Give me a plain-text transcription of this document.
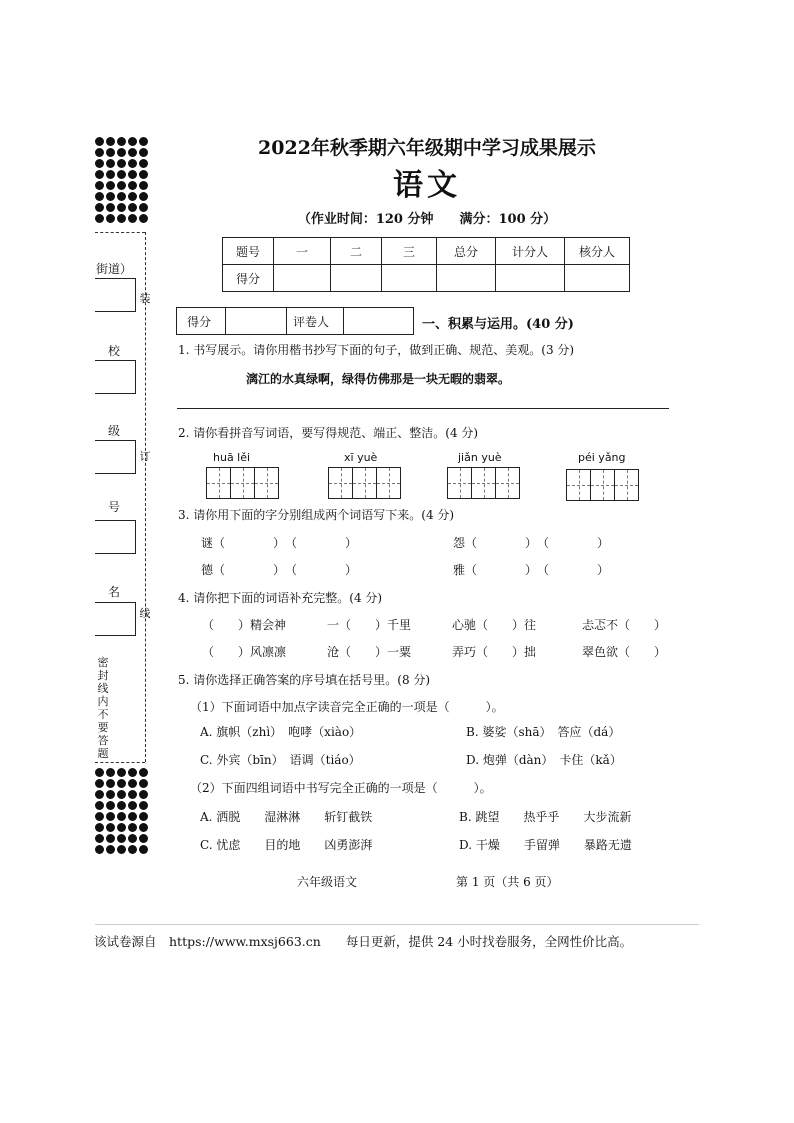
街道）
校
级
号
名
装
订
线
密封线内不要答题
2022年秋季期六年级期中学习成果展示
语文
（作业时间：120 分钟　　满分：100 分）
题号	一	二	三	总分	计分人	核分人
得分						
得分	评卷人	一、积累与运用。(40 分)
1. 书写展示。请你用楷书抄写下面的句子，做到正确、规范、美观。(3 分)
漓江的水真绿啊，绿得仿佛那是一块无暇的翡翠。
2. 请你看拼音写词语，要写得规范、端正、整洁。(4 分)
huā lěi	xī yuè	jiǎn yuè	péi yǎng
3. 请你用下面的字分别组成两个词语写下来。(4 分)
谜（　　　　）　（　　　　）	怨（　　　　）　（　　　　）
德（　　　　）　（　　　　）	雅（　　　　）　（　　　　）
4. 请你把下面的词语补充完整。(4 分)
（　　）精会神	一（　　）千里	心驰（　　）往	忐忑不（　　）
（　　）风凛凛	沧（　　）一粟	弄巧（　　）拙	翠色欲（　　）
5. 请你选择正确答案的序号填在括号里。(8 分)
（1）下面词语中加点字读音完全正确的一项是（　　　）。
A. 旗帜（zhì）　咆哮（xiào）	B. 婆娑（shā）　答应（dá）
C. 外宾（bīn）　语调（tiáo）	D. 炮弹（dàn）　卡住（kǎ）
（2）下面四组词语中书写完全正确的一项是（　　　）。
A. 洒脱　　湿淋淋　　斩钉截铁	B. 跳望　　热乎乎　　大步流新
C. 忧虑　　目的地　　凶勇澎湃	D. 干燥　　手留弹　　暴路无遗
六年级语文	第 1 页（共 6 页）
该试卷源自　https://www.mxsj663.cn　　每日更新，提供 24 小时找卷服务，全网性价比高。
